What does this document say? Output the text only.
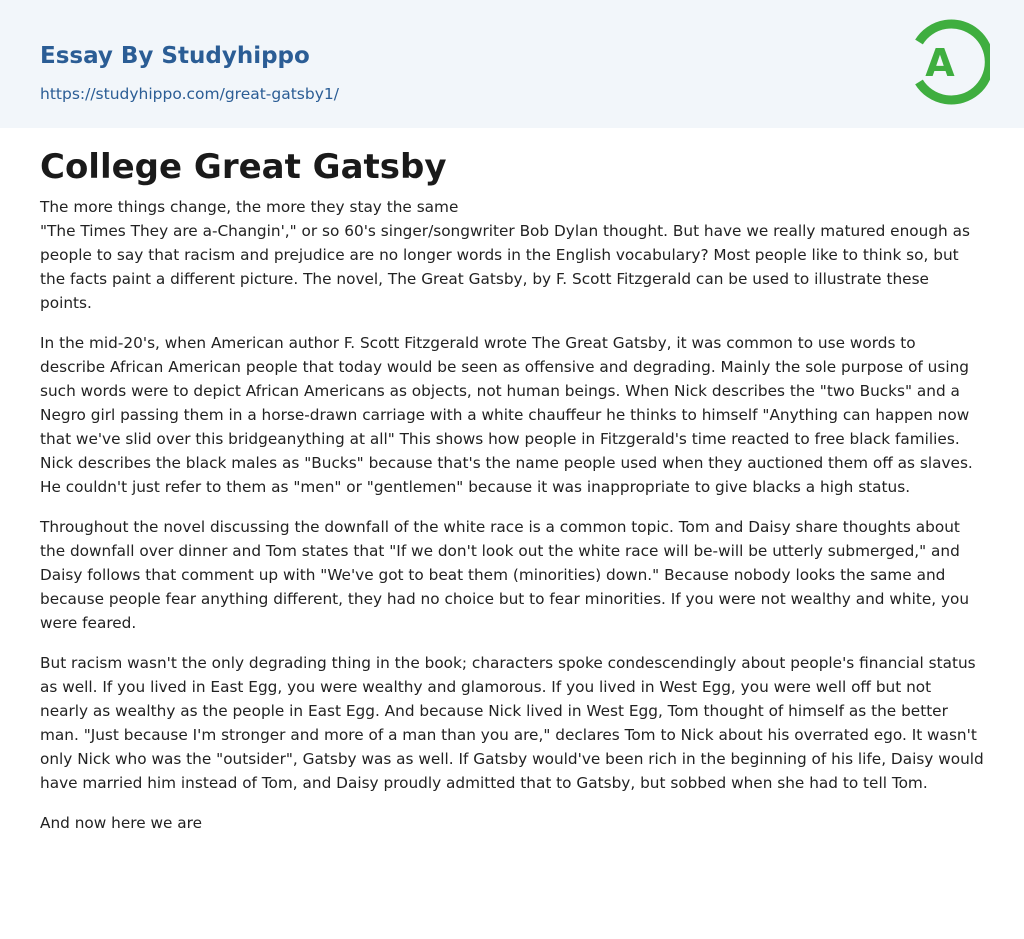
Essay By Studyhippo
https://studyhippo.com/great-gatsby1/
A
College Great Gatsby

The more things change, the more they stay the same
"The Times They are a-Changin'," or so 60's singer/songwriter Bob Dylan thought. But have we really matured enough as people to say that racism and prejudice are no longer words in the English vocabulary? Most people like to think so, but the facts paint a different picture. The novel, The Great Gatsby, by F. Scott Fitzgerald can be used to illustrate these points.

In the mid-20's, when American author F. Scott Fitzgerald wrote The Great Gatsby, it was common to use words to describe African American people that today would be seen as offensive and degrading. Mainly the sole purpose of using such words were to depict African Americans as objects, not human beings. When Nick describes the "two Bucks" and a Negro girl passing them in a horse-drawn carriage with a white chauffeur he thinks to himself "Anything can happen now that we've slid over this bridgeanything at all" This shows how people in Fitzgerald's time reacted to free black families. Nick describes the black males as "Bucks" because that's the name people used when they auctioned them off as slaves. He couldn't just refer to them as "men" or "gentlemen" because it was inappropriate to give blacks a high status.

Throughout the novel discussing the downfall of the white race is a common topic. Tom and Daisy share thoughts about the downfall over dinner and Tom states that "If we don't look out the white race will be-will be utterly submerged," and Daisy follows that comment up with "We've got to beat them (minorities) down." Because nobody looks the same and because people fear anything different, they had no choice but to fear minorities. If you were not wealthy and white, you were feared.

But racism wasn't the only degrading thing in the book; characters spoke condescendingly about people's financial status as well. If you lived in East Egg, you were wealthy and glamorous. If you lived in West Egg, you were well off but not nearly as wealthy as the people in East Egg. And because Nick lived in West Egg, Tom thought of himself as the better man. "Just because I'm stronger and more of a man than you are," declares Tom to Nick about his overrated ego. It wasn't only Nick who was the "outsider", Gatsby was as well. If Gatsby would've been rich in the beginning of his life, Daisy would have married him instead of Tom, and Daisy proudly admitted that to Gatsby, but sobbed when she had to tell Tom.

And now here we are
